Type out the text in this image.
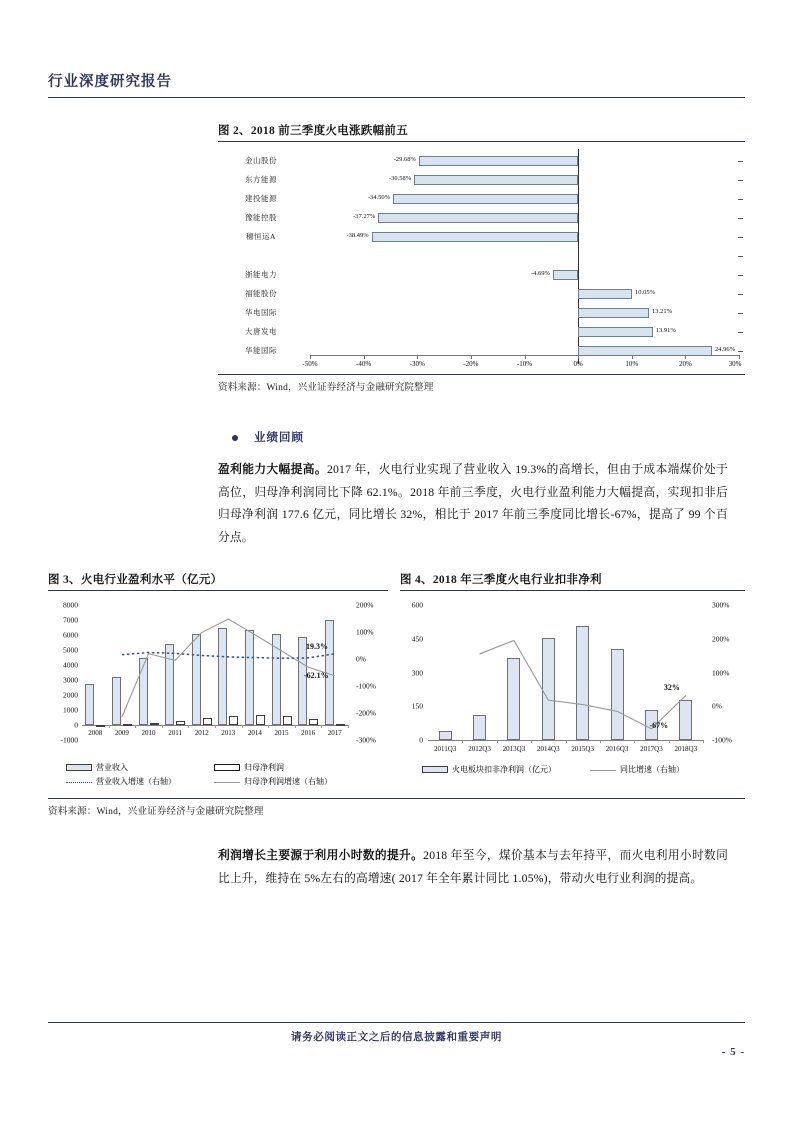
行业深度研究报告
图 2、2018 前三季度火电涨跌幅前五
金山股份	-29.68%
东方能源	-30.58%
建投能源	-34.50%
豫能控股	-37.27%
穗恒运A	-38.49%
浙能电力	-4.69%
福能股份	10.05%
华电国际	13.21%
大唐发电	13.91%
华能国际	24.96%
-50%	-40%	-30%	-20%	-10%	0%	10%	20%	30%
资料来源：Wind，兴业证券经济与金融研究院整理
业绩回顾
盈利能力大幅提高。2017 年，火电行业实现了营业收入 19.3%的高增长，但由于成本端煤价处于高位，归母净利润同比下降 62.1%。2018 年前三季度，火电行业盈利能力大幅提高，实现扣非后归母净利润 177.6 亿元，同比增长 32%，相比于 2017 年前三季度同比增长-67%，提高了 99 个百分点。
图 3、火电行业盈利水平（亿元）
-1000
0
1000
2000
3000
4000
5000
6000
7000
8000
-300%
-200%
-100%
0%
100%
200%
2008 2009 2010 2011 2012 2013 2014 2015 2016 2017
19.3%
-62.1%
营业收入	归母净利润
营业收入增速（右轴）	归母净利润增速（右轴）
图 4、2018 年三季度火电行业扣非净利
0
150
300
450
600
-100%
0%
100%
200%
300%
2011Q3 2012Q3 2013Q3 2014Q3 2015Q3 2016Q3 2017Q3 2018Q3
32%
-67%
火电板块扣非净利润（亿元）	同比增速（右轴）
资料来源：Wind，兴业证券经济与金融研究院整理
利润增长主要源于利用小时数的提升。2018 年至今，煤价基本与去年持平，而火电利用小时数同比上升，维持在 5%左右的高增速( 2017 年全年累计同比 1.05%)，带动火电行业利润的提高。
请务必阅读正文之后的信息披露和重要声明
- 5 -
